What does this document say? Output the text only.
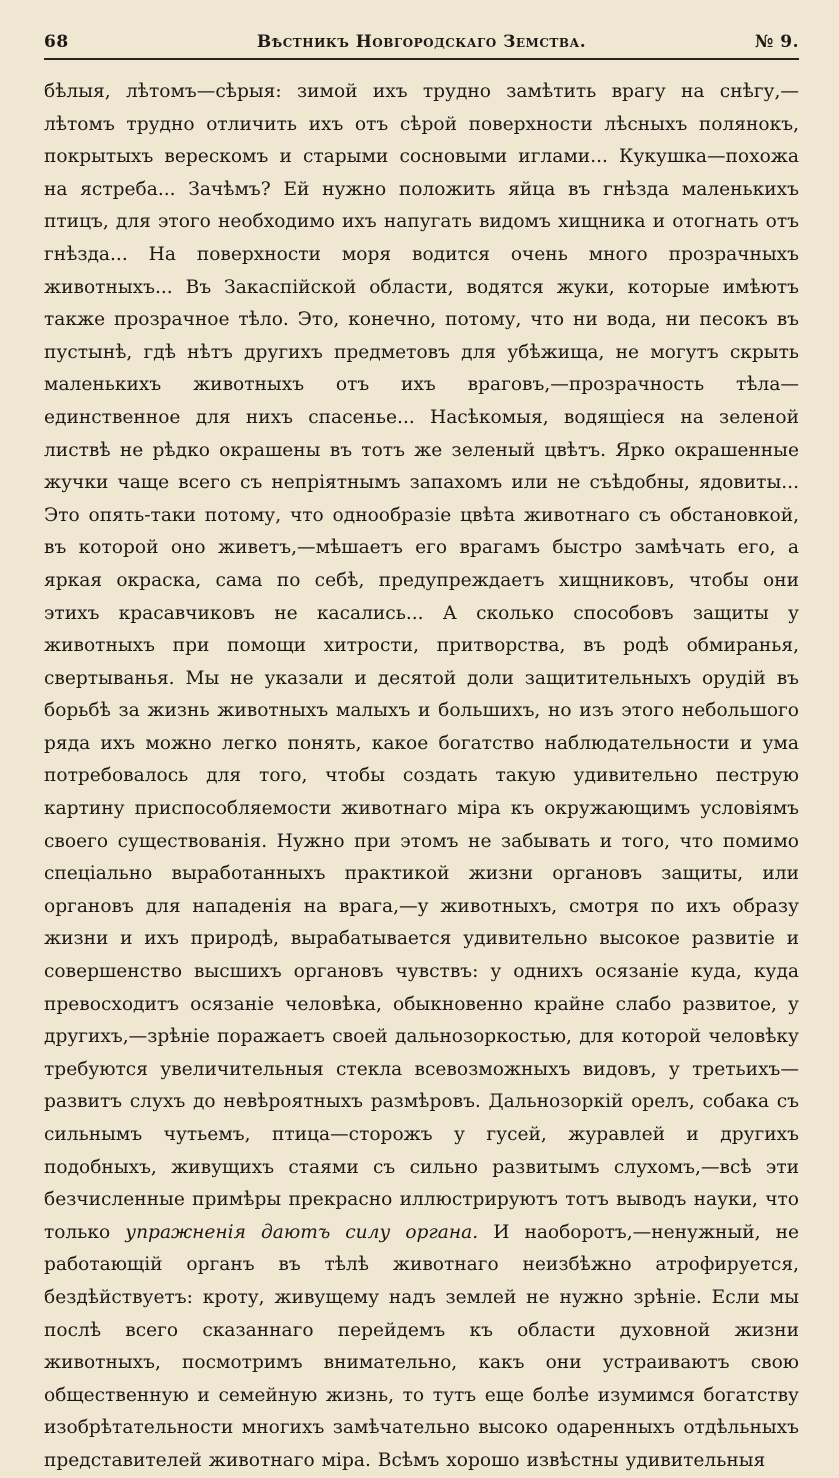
68	Вѣстникъ Новгородскаго Земства.	№ 9.
бѣлыя, лѣтомъ—сѣрыя: зимой ихъ трудно замѣтить врагу на снѣгу,—лѣтомъ трудно отличить ихъ отъ сѣрой поверхности лѣсныхъ полянокъ, покрытыхъ верескомъ и старыми сосновыми иглами... Кукушка—похожа на ястреба... Зачѣмъ? Ей нужно положить яйца въ гнѣзда маленькихъ птицъ, для этого необходимо ихъ напугать видомъ хищника и отогнать отъ гнѣзда... На поверхности моря водится очень много прозрачныхъ животныхъ... Въ Закаспійской области, водятся жуки, которые имѣютъ также прозрачное тѣло. Это, конечно, потому, что ни вода, ни песокъ въ пустынѣ, гдѣ нѣтъ другихъ предметовъ для убѣжища, не могутъ скрыть маленькихъ животныхъ отъ ихъ враговъ,—прозрачность тѣла—единственное для нихъ спасенье... Насѣкомыя, водящіеся на зеленой листвѣ не рѣдко окрашены въ тотъ же зеленый цвѣтъ. Ярко окрашенные жучки чаще всего съ непріятнымъ запахомъ или не съѣдобны, ядовиты... Это опять-таки потому, что однообразіе цвѣта животнаго съ обстановкой, въ которой оно живетъ,—мѣшаетъ его врагамъ быстро замѣчать его, а яркая окраска, сама по себѣ, предупреждаетъ хищниковъ, чтобы они этихъ красавчиковъ не касались... А сколько способовъ защиты у животныхъ при помощи хитрости, притворства, въ родѣ обмиранья, свертыванья. Мы не указали и десятой доли защитительныхъ орудій въ борьбѣ за жизнь животныхъ малыхъ и большихъ, но изъ этого небольшого ряда ихъ можно легко понять, какое богатство наблюдательности и ума потребовалось для того, чтобы создать такую удивительно пеструю картину приспособляемости животнаго міра къ окружающимъ условіямъ своего существованія. Нужно при этомъ не забывать и того, что помимо спеціально выработанныхъ практикой жизни органовъ защиты, или органовъ для нападенія на врага,—у животныхъ, смотря по ихъ образу жизни и ихъ природѣ, вырабатывается удивительно высокое развитіе и совершенство высшихъ органовъ чувствъ: у однихъ осязаніе куда, куда превосходитъ осязаніе человѣка, обыкновенно крайне слабо развитое, у другихъ,—зрѣніе поражаетъ своей дальнозоркостью, для которой человѣку требуются увеличительныя стекла всевозможныхъ видовъ, у третьихъ—развитъ слухъ до невѣроятныхъ размѣровъ. Дальнозоркій орелъ, собака съ сильнымъ чутьемъ, птица—сторожъ у гусей, журавлей и другихъ подобныхъ, живущихъ стаями съ сильно развитымъ слухомъ,—всѣ эти безчисленные примѣры прекрасно иллюстрируютъ тотъ выводъ науки, что только упражненія даютъ силу органа. И наоборотъ,—ненужный, не работающій органъ въ тѣлѣ животнаго неизбѣжно атрофируется, бездѣйствуетъ: кроту, живущему надъ землей не нужно зрѣніе. Если мы послѣ всего сказаннаго перейдемъ къ области духовной жизни животныхъ, посмотримъ внимательно, какъ они устраиваютъ свою общественную и семейную жизнь, то тутъ еще болѣе изумимся богатству изобрѣтательности многихъ замѣчательно высоко одаренныхъ отдѣльныхъ представителей животнаго міра. Всѣмъ хорошо извѣстны удивительныя
